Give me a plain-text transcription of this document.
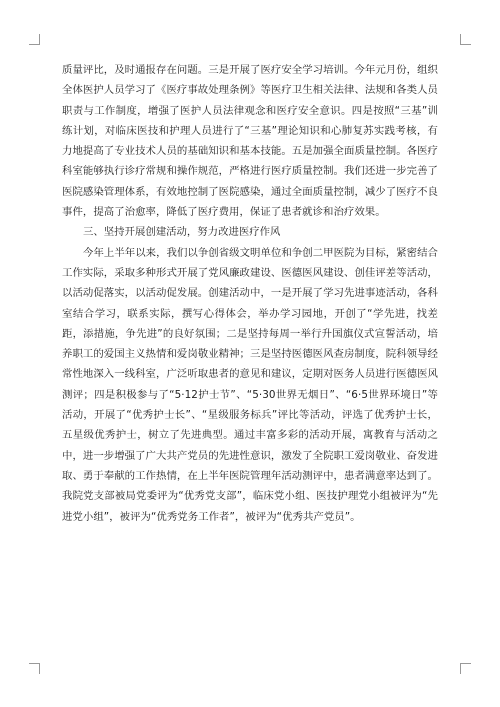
质量评比，及时通报存在问题。三是开展了医疗安全学习培训。今年元月份，组织全体医护人员学习了《医疗事故处理条例》等医疗卫生相关法律、法规和各类人员职责与工作制度，增强了医护人员法律观念和医疗安全意识。四是按照“三基”训练计划，对临床医技和护理人员进行了“三基”理论知识和心肺复苏实践考核，有力地提高了专业技术人员的基础知识和基本技能。五是加强全面质量控制。各医疗科室能够执行诊疗常规和操作规范，严格进行医疗质量控制。我们还进一步完善了医院感染管理体系，有效地控制了医院感染，通过全面质量控制，减少了医疗不良事件，提高了治愈率，降低了医疗费用，保证了患者就诊和治疗效果。

三、坚持开展创建活动，努力改进医疗作风

今年上半年以来，我们以争创省级文明单位和争创二甲医院为目标，紧密结合工作实际，采取多种形式开展了党风廉政建设、医德医风建设、创佳评差等活动，以活动促落实，以活动促发展。创建活动中，一是开展了学习先进事迹活动，各科室结合学习，联系实际，撰写心得体会，举办学习园地，开创了“学先进，找差距，添措施，争先进”的良好氛围；二是坚持每周一举行升国旗仪式宣誓活动，培养职工的爱国主义热情和爱岗敬业精神；三是坚持医德医风查房制度，院科领导经常性地深入一线科室，广泛听取患者的意见和建议，定期对医务人员进行医德医风测评；四是积极参与了“5·12护士节”、“5·30世界无烟日”、“6·5世界环境日”等活动，开展了“优秀护士长”、“星级服务标兵”评比等活动，评选了优秀护士长，五星级优秀护士，树立了先进典型。通过丰富多彩的活动开展，寓教育与活动之中，进一步增强了广大共产党员的先进性意识，激发了全院职工爱岗敬业、奋发进取、勇于奉献的工作热情，在上半年医院管理年活动测评中，患者满意率达到了。我院党支部被局党委评为“优秀党支部”，临床党小组、医技护理党小组被评为“先进党小组”，被评为“优秀党务工作者”，被评为“优秀共产党员”。
